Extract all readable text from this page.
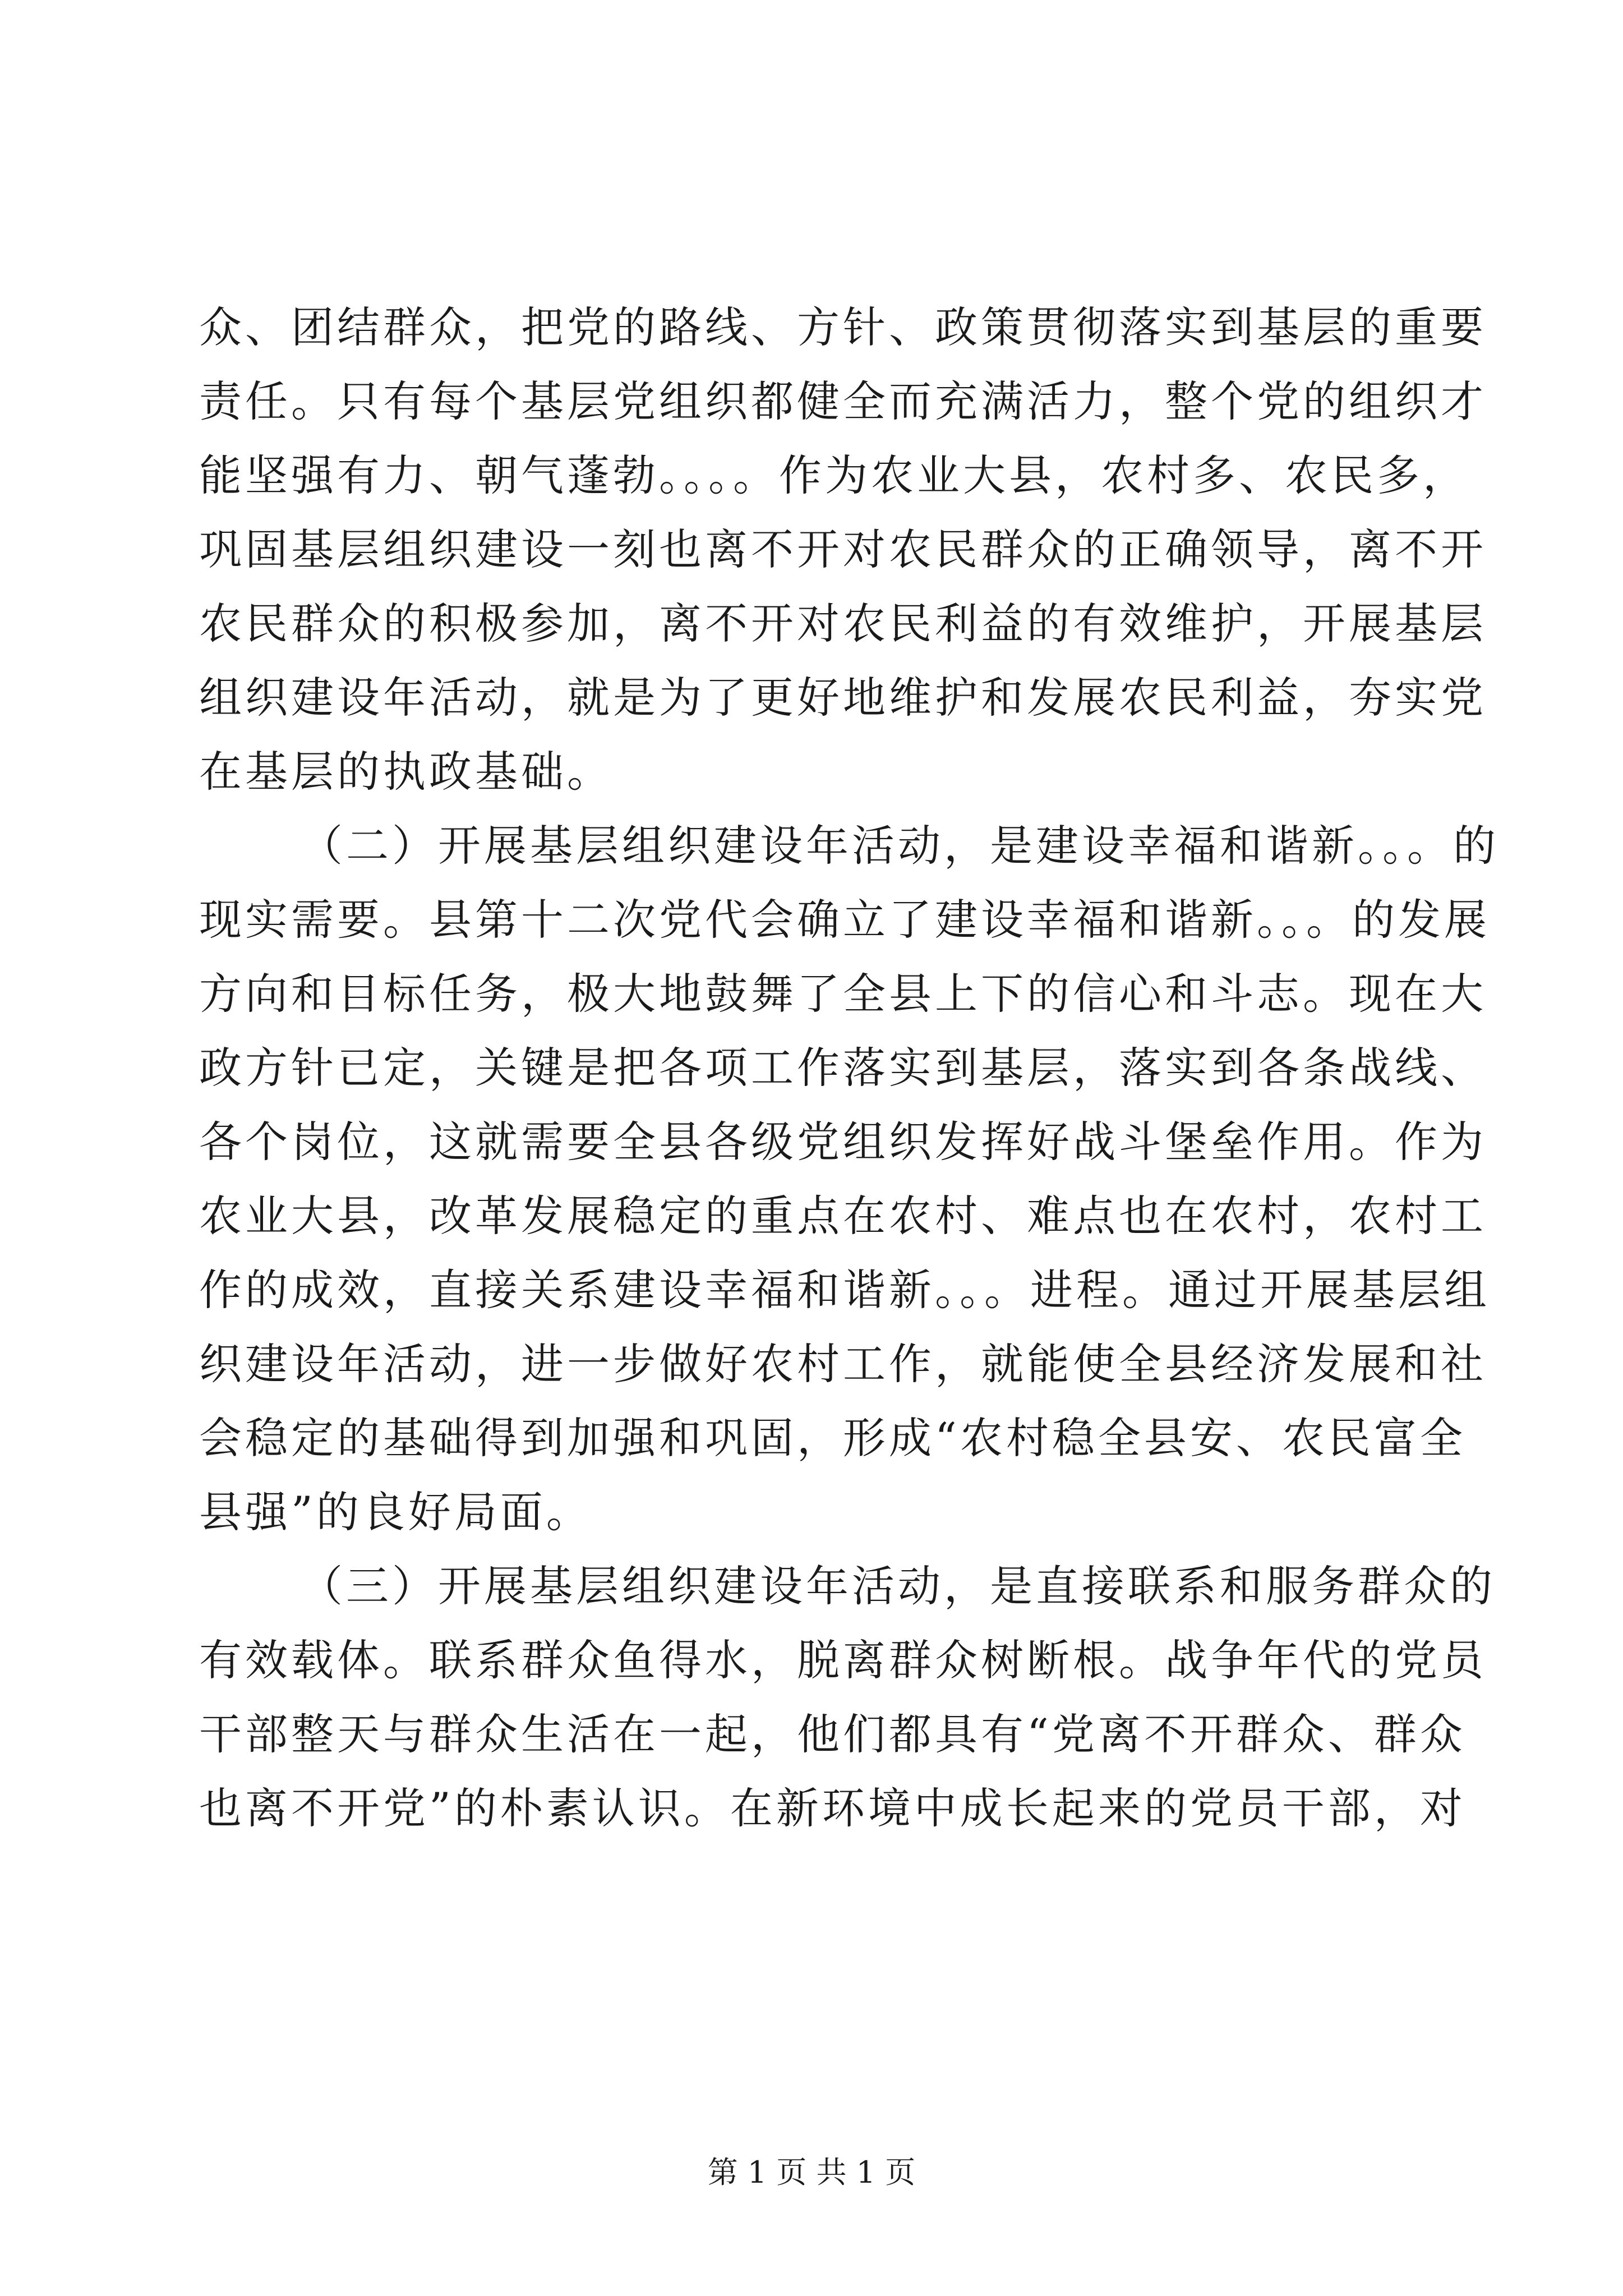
众、团结群众，把党的路线、方针、政策贯彻落实到基层的重要
责任。只有每个基层党组织都健全而充满活力，整个党的组织才
能坚强有力、朝气蓬勃。。。。作为农业大县，农村多、农民多，
巩固基层组织建设一刻也离不开对农民群众的正确领导，离不开
农民群众的积极参加，离不开对农民利益的有效维护，开展基层
组织建设年活动，就是为了更好地维护和发展农民利益，夯实党
在基层的执政基础。
（二）开展基层组织建设年活动，是建设幸福和谐新。。。的
现实需要。县第十二次党代会确立了建设幸福和谐新。。。的发展
方向和目标任务，极大地鼓舞了全县上下的信心和斗志。现在大
政方针已定，关键是把各项工作落实到基层，落实到各条战线、
各个岗位，这就需要全县各级党组织发挥好战斗堡垒作用。作为
农业大县，改革发展稳定的重点在农村、难点也在农村，农村工
作的成效，直接关系建设幸福和谐新。。。进程。通过开展基层组
织建设年活动，进一步做好农村工作，就能使全县经济发展和社
会稳定的基础得到加强和巩固，形成“农村稳全县安、农民富全
县强”的良好局面。
（三）开展基层组织建设年活动，是直接联系和服务群众的
有效载体。联系群众鱼得水，脱离群众树断根。战争年代的党员
干部整天与群众生活在一起，他们都具有“党离不开群众、群众
也离不开党”的朴素认识。在新环境中成长起来的党员干部，对
第 1 页 共 1 页
